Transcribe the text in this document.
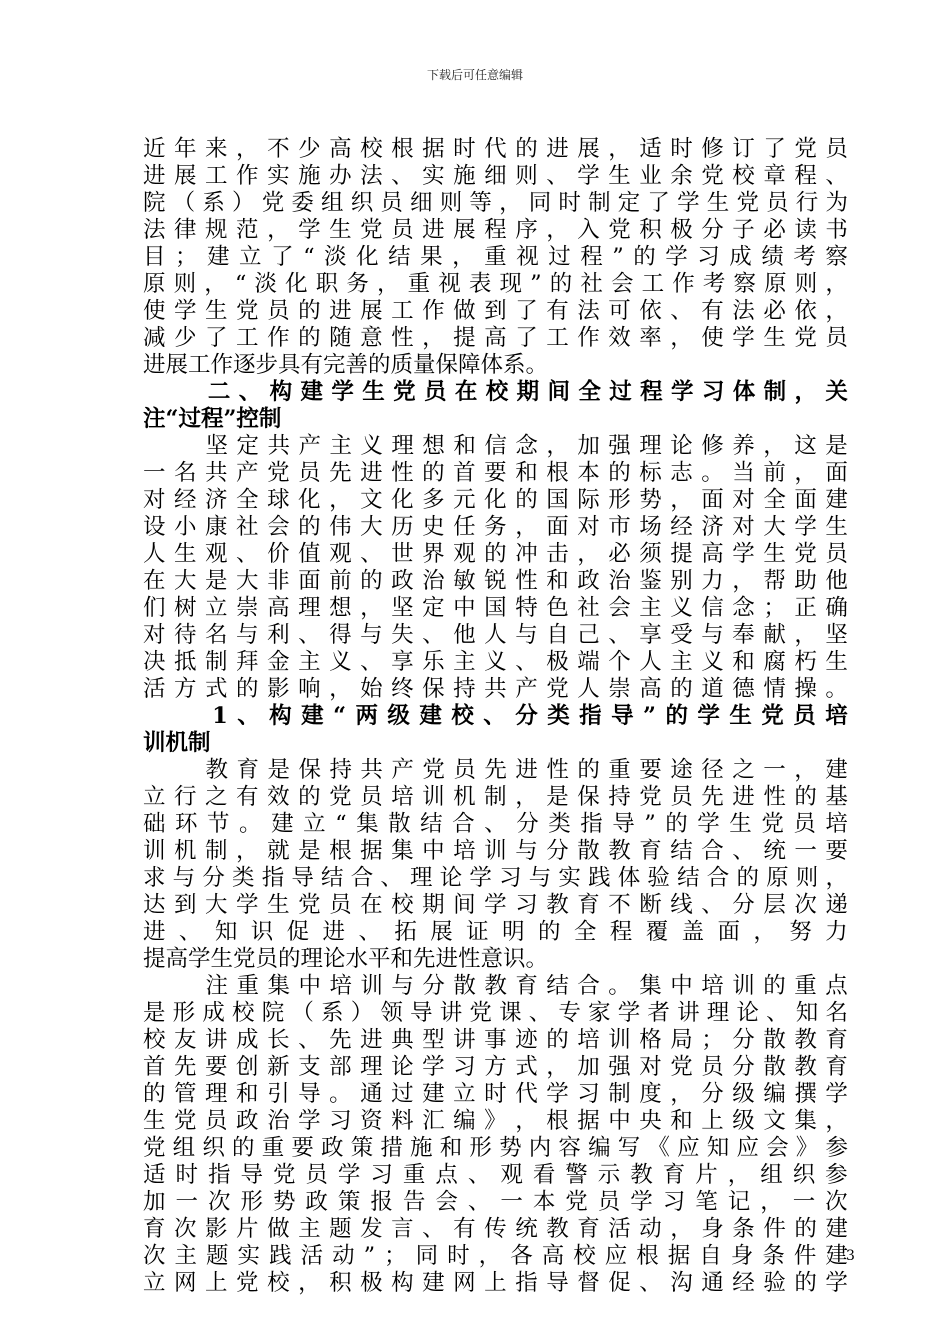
下载后可任意编辑
近 年 来 ， 不 少 高 校 根 据 时 代 的 进 展 ， 适 时 修 订 了 党 员
进 展 工 作 实 施 办 法 、 实 施 细 则 、 学 生 业 余 党 校 章 程 、
院 （ 系 ） 党 委 组 织 员 细 则 等 ， 同 时 制 定 了 学 生 党 员 行 为
法 律 规 范 ， 学 生 党 员 进 展 程 序 ， 入 党 积 极 分 子 必 读 书
目 ； 建 立 了 “ 淡 化 结 果 ， 重 视 过 程 ” 的 学 习 成 绩 考 察
原 则 ， “ 淡 化 职 务 ， 重 视 表 现 ” 的 社 会 工 作 考 察 原 则 ，
使 学 生 党 员 的 进 展 工 作 做 到 了 有 法 可 依 、 有 法 必 依 ，
减 少 了 工 作 的 随 意 性 ， 提 高 了 工 作 效 率 ， 使 学 生 党 员
进展工作逐步具有完善的质量保障体系。

二 、 构 建 学 生 党 员 在 校 期 间 全 过 程 学 习 体 制 ， 关
注“过程”控制

坚 定 共 产 主 义 理 想 和 信 念 ， 加 强 理 论 修 养 ， 这 是
一 名 共 产 党 员 先 进 性 的 首 要 和 根 本 的 标 志 。 当 前 ， 面
对 经 济 全 球 化 ， 文 化 多 元 化 的 国 际 形 势 ， 面 对 全 面 建
设 小 康 社 会 的 伟 大 历 史 任 务 ， 面 对 市 场 经 济 对 大 学 生
人 生 观 、 价 值 观 、 世 界 观 的 冲 击 ， 必 须 提 高 学 生 党 员
在 大 是 大 非 面 前 的 政 治 敏 锐 性 和 政 治 鉴 别 力 ， 帮 助 他
们 树 立 崇 高 理 想 ， 坚 定 中 国 特 色 社 会 主 义 信 念 ； 正 确
对 待 名 与 利 、 得 与 失 、 他 人 与 自 己 、 享 受 与 奉 献 ， 坚
决 抵 制 拜 金 主 义 、 享 乐 主 义 、 极 端 个 人 主 义 和 腐 朽 生
活 方 式 的 影 响 ， 始 终 保 持 共 产 党 人 崇 高 的 道 德 情 操 。

1 、 构 建 “ 两 级 建 校 、 分 类 指 导 ” 的 学 生 党 员 培
训机制

教 育 是 保 持 共 产 党 员 先 进 性 的 重 要 途 径 之 一 ， 建
立 行 之 有 效 的 党 员 培 训 机 制 ， 是 保 持 党 员 先 进 性 的 基
础 环 节 。 建 立 “ 集 散 结 合 、 分 类 指 导 ” 的 学 生 党 员 培
训 机 制 ， 就 是 根 据 集 中 培 训 与 分 散 教 育 结 合 、 统 一 要
求 与 分 类 指 导 结 合 、 理 论 学 习 与 实 践 体 验 结 合 的 原 则 ，
达 到 大 学 生 党 员 在 校 期 间 学 习 教 育 不 断 线 、 分 层 次 递
进 、 知 识 促 进 、 拓 展 证 明 的 全 程 覆 盖 面 ， 努 力
提高学生党员的理论水平和先进性意识。

注 重 集 中 培 训 与 分 散 教 育 结 合 。 集 中 培 训 的 重 点
是 形 成 校 院 （ 系 ） 领 导 讲 党 课 、 专 家 学 者 讲 理 论 、 知 名
校 友 讲 成 长 、 先 进 典 型 讲 事 迹 的 培 训 格 局 ； 分 散 教 育
首 先 要 创 新 支 部 理 论 学 习 方 式 ， 加 强 对 党 员 分 散 教 育
的 管 理 和 引 导 。 通 过 建 立 时 代 学 习 制 度 ， 分 级 编 撰 学
生 党 员 政 治 学 习 资 料 汇 编 》 ， 根 据 中 央 和 上 级 文 集 ，
党 组 织 的 重 要 政 策 措 施 和 形 势 内 容 编 写 《 应 知 应 会 》 参
适 时 指 导 党 员 学 习 重 点 、 观 看 警 示 教 育 片 ， 组 织 参
加 一 次 形 势 政 策 报 告 会 、 一 本 党 员 学 习 笔 记 ， 一 次
育 次 影 片 做 主 题 发 言 、 有 传 统 教 育 活 动 ， 身 条 件 的 建
次 主 题 实 践 活 动 ” ； 同 时 ， 各 高 校 应 根 据 自 身 条 件 建
立 网 上 党 校 ， 积 极 构 建 网 上 指 导 督 促 、 沟 通 经 验 的 学
3
